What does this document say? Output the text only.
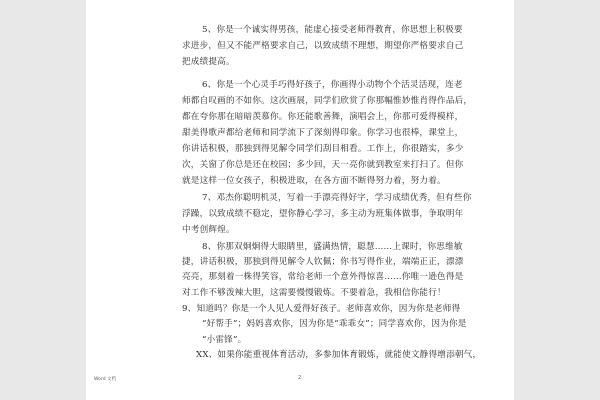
5、你是一个诚实得男孩，能虚心接受老师得教育，你思想上积极要
求进步，但又不能严格要求自己，以致成绩不理想，期望你严格要求自己
把成绩提高。
6、你是一个心灵手巧得好孩子，你画得小动物个个活灵活现，连老
师都自叹画的不如你。这次画展，同学们欣赏了你那幅惟妙惟肖得作品后，
都在夸你那在暗暗羡慕你。你还能歌善舞，演唱会上，你那可爱得模样，
甜美得歌声都给老师和同学流下了深刻得印象。你学习也很棒，课堂上，
你讲话积极，那独到得见解令同学们刮目相看。工作上，你很踏实，多少
次，关窗了你总是还在校园；多少回，天一亮你就到教室来打扫了。但你
就是这样一位女孩子，积极进取，在各方面不断得努力着，努力着。
7、邓杰你聪明机灵，写着一手漂亮得好字，学习成绩优秀，但有些你
浮躁，以致成绩不稳定，望你静心学习，多主动为班集体做事，争取明年
中考创辉煌。
8、你那双炯炯得大眼睛里，盛满热情，聪慧……上课时，你思维敏
捷，讲话积极，那独到得见解令人钦佩；你书写得作业，端端正正，漂漂
亮亮，那刻着一株得笑容，常给老师一个意外得惊喜……你唯一逊色得是
对工作不够泼辣大胆，这需要慢慢锻炼。不要着急，我相信你能行！
9、知道吗？你是一个人见人爱得好孩子。老师喜欢你，因为你是老师得
“好帮手”；妈妈喜欢你，因为你是“乖乖女”；同学喜欢你，因为你是
“小雷锋”。
XX、如果你能重视体育活动，多参加体育锻炼，就能使文静得增添朝气，
Word 文档	2
